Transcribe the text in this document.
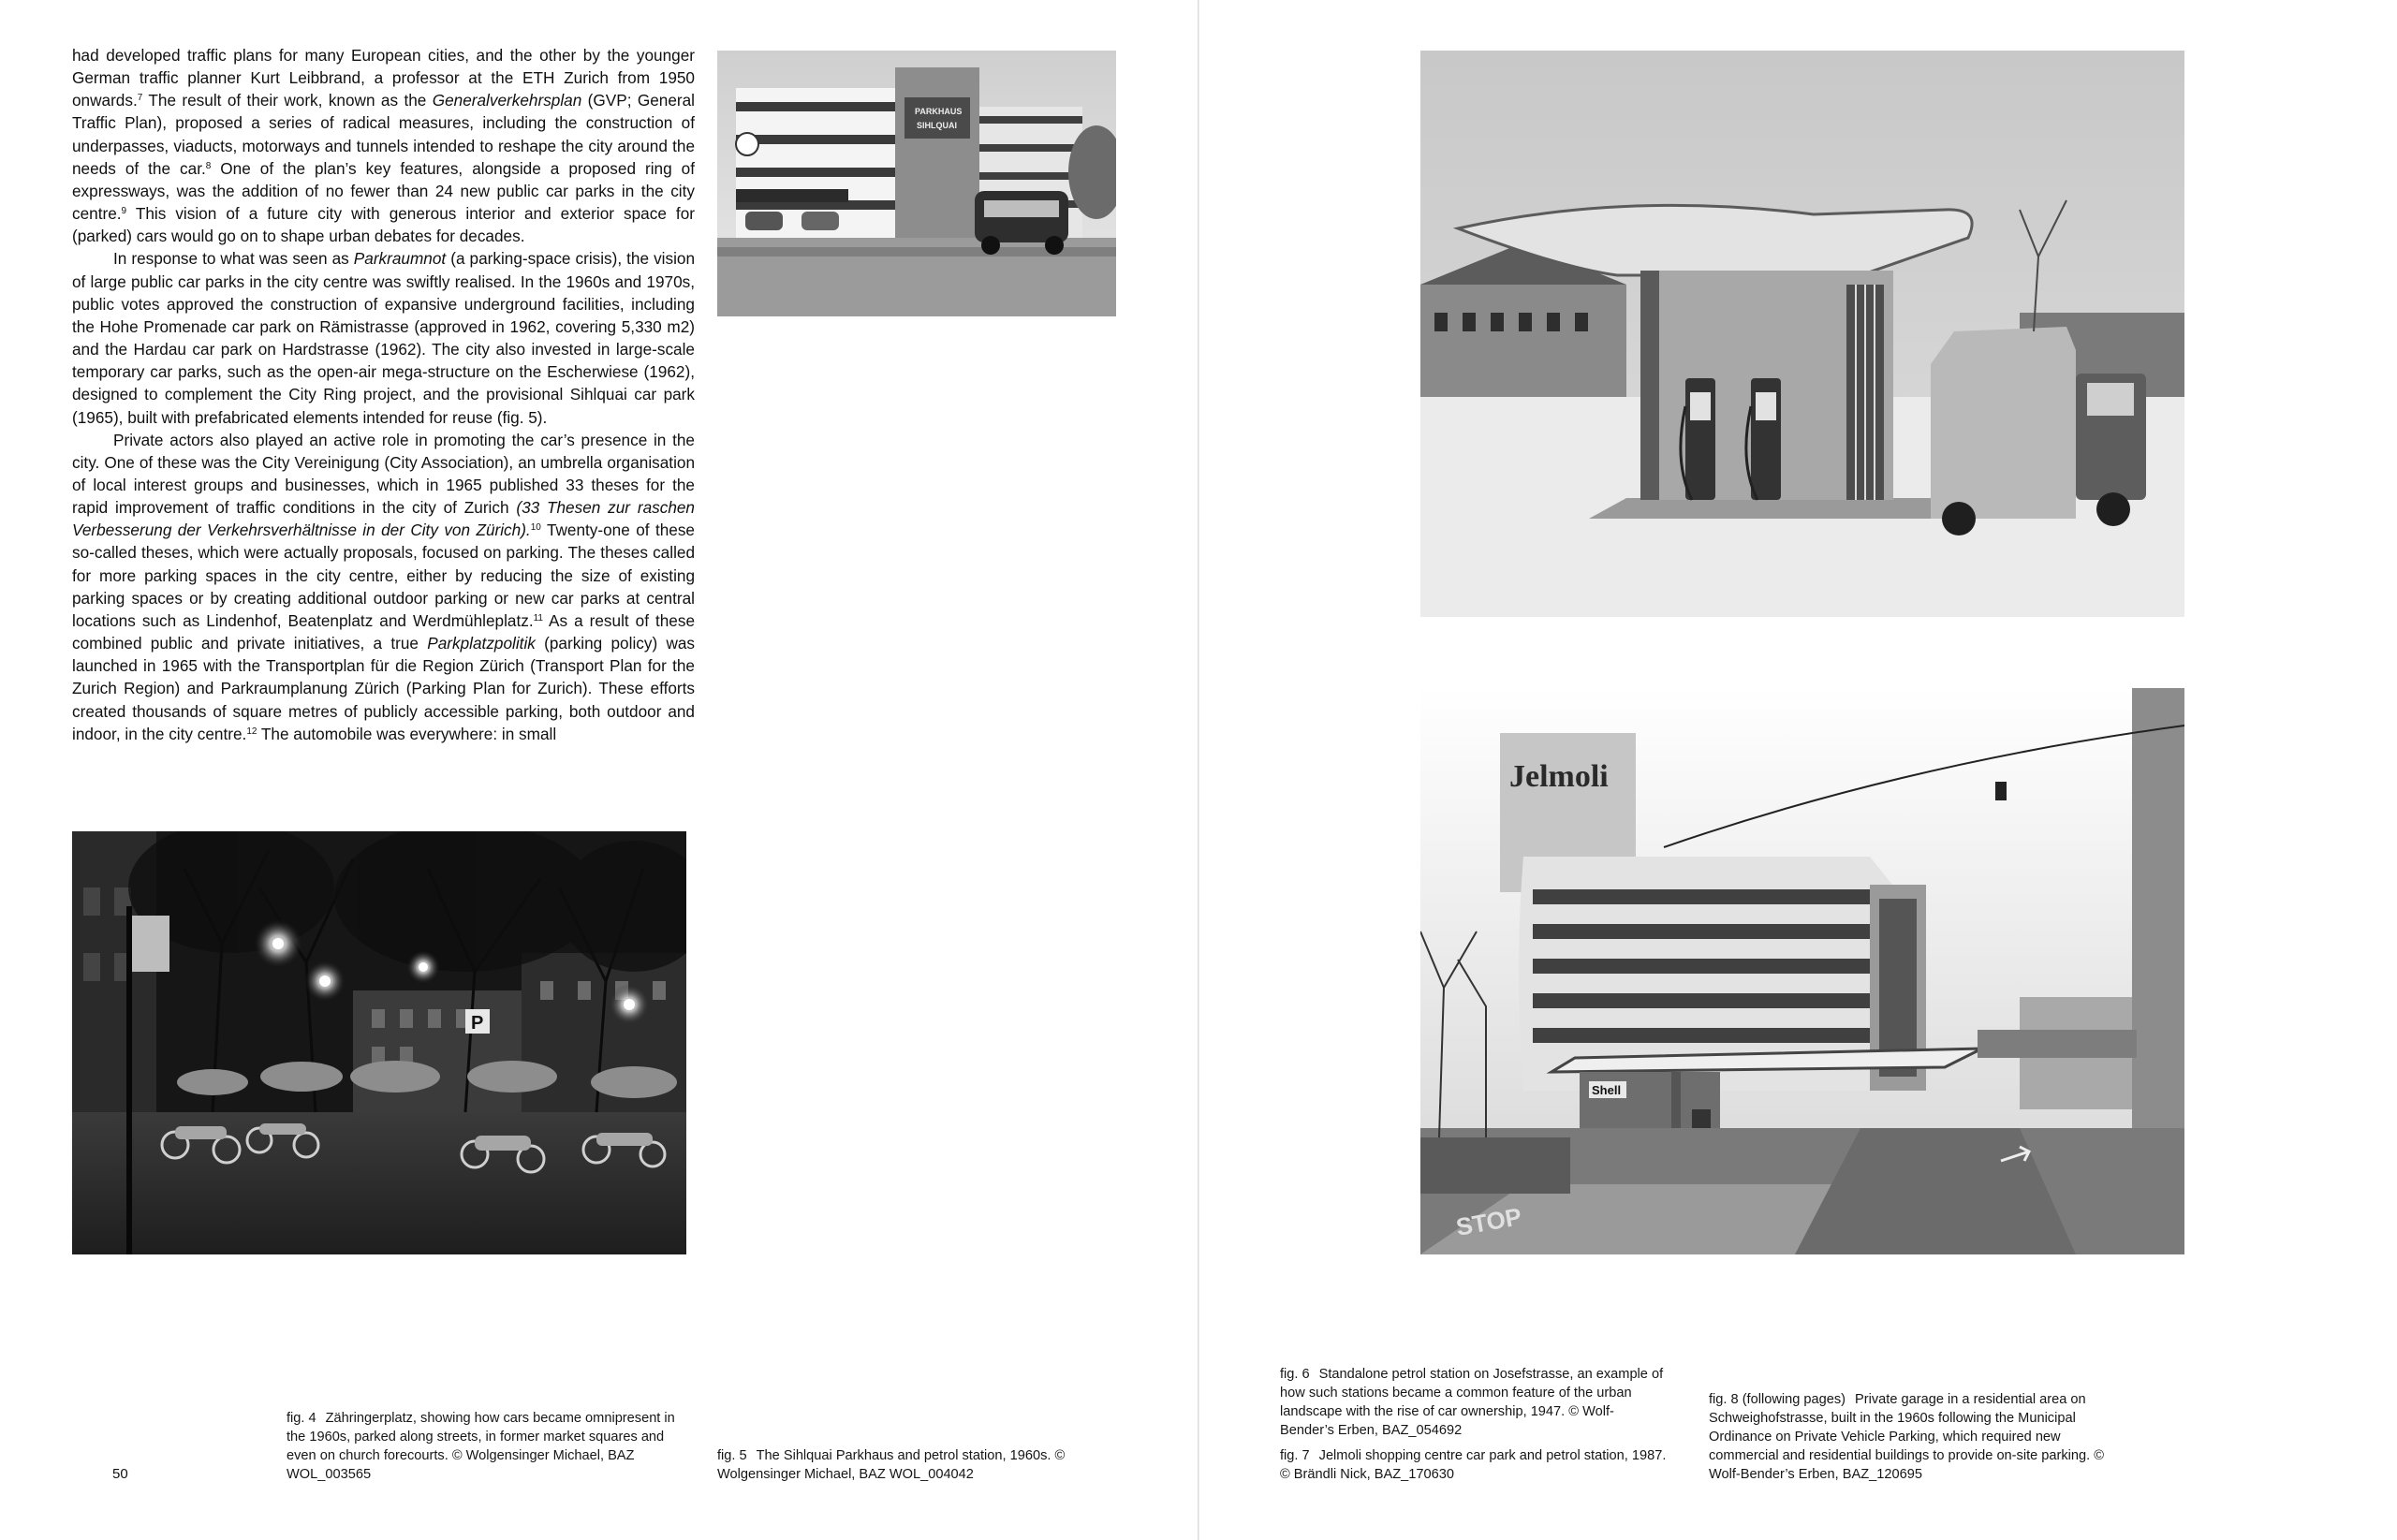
had developed traffic plans for many European cities, and the other by the younger German traffic planner Kurt Leibbrand, a professor at the ETH Zurich from 1950 onwards.$^7$ The result of their work, known as the Generalverkehrsplan (GVP; General Traffic Plan), proposed a series of radical measures, including the construction of underpasses, viaducts, motorways and tunnels intended to reshape the city around the needs of the car.$^8$ One of the plan’s key features, alongside a proposed ring of expressways, was the addition of no fewer than 24 new public car parks in the city centre.$^9$ This vision of a future city with generous interior and exterior space for (parked) cars would go on to shape urban debates for decades.

In response to what was seen as Parkraumnot (a parking-space crisis), the vision of large public car parks in the city centre was swiftly realised. In the 1960s and 1970s, public votes approved the construction of expansive underground facilities, including the Hohe Promenade car park on Rämistrasse (approved in 1962, covering 5,330 m2) and the Hardau car park on Hardstrasse (1962). The city also invested in large-scale temporary car parks, such as the open-air mega-structure on the Escherwiese (1962), designed to complement the City Ring project, and the provisional Sihlquai car park (1965), built with prefabricated elements intended for reuse (fig. 5).

Private actors also played an active role in promoting the car’s presence in the city. One of these was the City Vereinigung (City Association), an umbrella organisation of local interest groups and businesses, which in 1965 published 33 theses for the rapid improvement of traffic conditions in the city of Zurich (33 Thesen zur raschen Verbesserung der Verkehrsverhältnisse in der City von Zürich).$^{10}$ Twenty-one of these so-called theses, which were actually proposals, focused on parking. The theses called for more parking spaces in the city centre, either by reducing the size of existing parking spaces or by creating additional outdoor parking or new car parks at central locations such as Lindenhof, Beatenplatz and Werdmühleplatz.$^{11}$ As a result of these combined public and private initiatives, a true Parkplatzpolitik (parking policy) was launched in 1965 with the Transportplan für die Region Zürich (Transport Plan for the Zurich Region) and Parkraumplanung Zürich (Parking Plan for Zurich). These efforts created thousands of square metres of publicly accessible parking, both outdoor and indoor, in the city centre.$^{12}$ The automobile was everywhere: in small

P
PARKHAUS
SIHLQUAI
Jelmoli
Shell
STOP
fig. 4 Zähringerplatz, showing how cars became omnipresent in the 1960s, parked along streets, in former market squares and even on church forecourts. © Wolgensinger Michael, BAZ WOL_003565
fig. 5 The Sihlquai Parkhaus and petrol station, 1960s. © Wolgensinger Michael, BAZ WOL_004042
fig. 6 Standalone petrol station on Josefstrasse, an example of how such stations became a common feature of the urban landscape with the rise of car ownership, 1947. © Wolf-Bender’s Erben, BAZ_054692
fig. 7 Jelmoli shopping centre car park and petrol station, 1987. © Brändli Nick, BAZ_170630
fig. 8 (following pages) Private garage in a residential area on Schweighofstrasse, built in the 1960s following the Municipal Ordinance on Private Vehicle Parking, which required new commercial and residential buildings to provide on-site parking. © Wolf-Bender’s Erben, BAZ_120695
50
